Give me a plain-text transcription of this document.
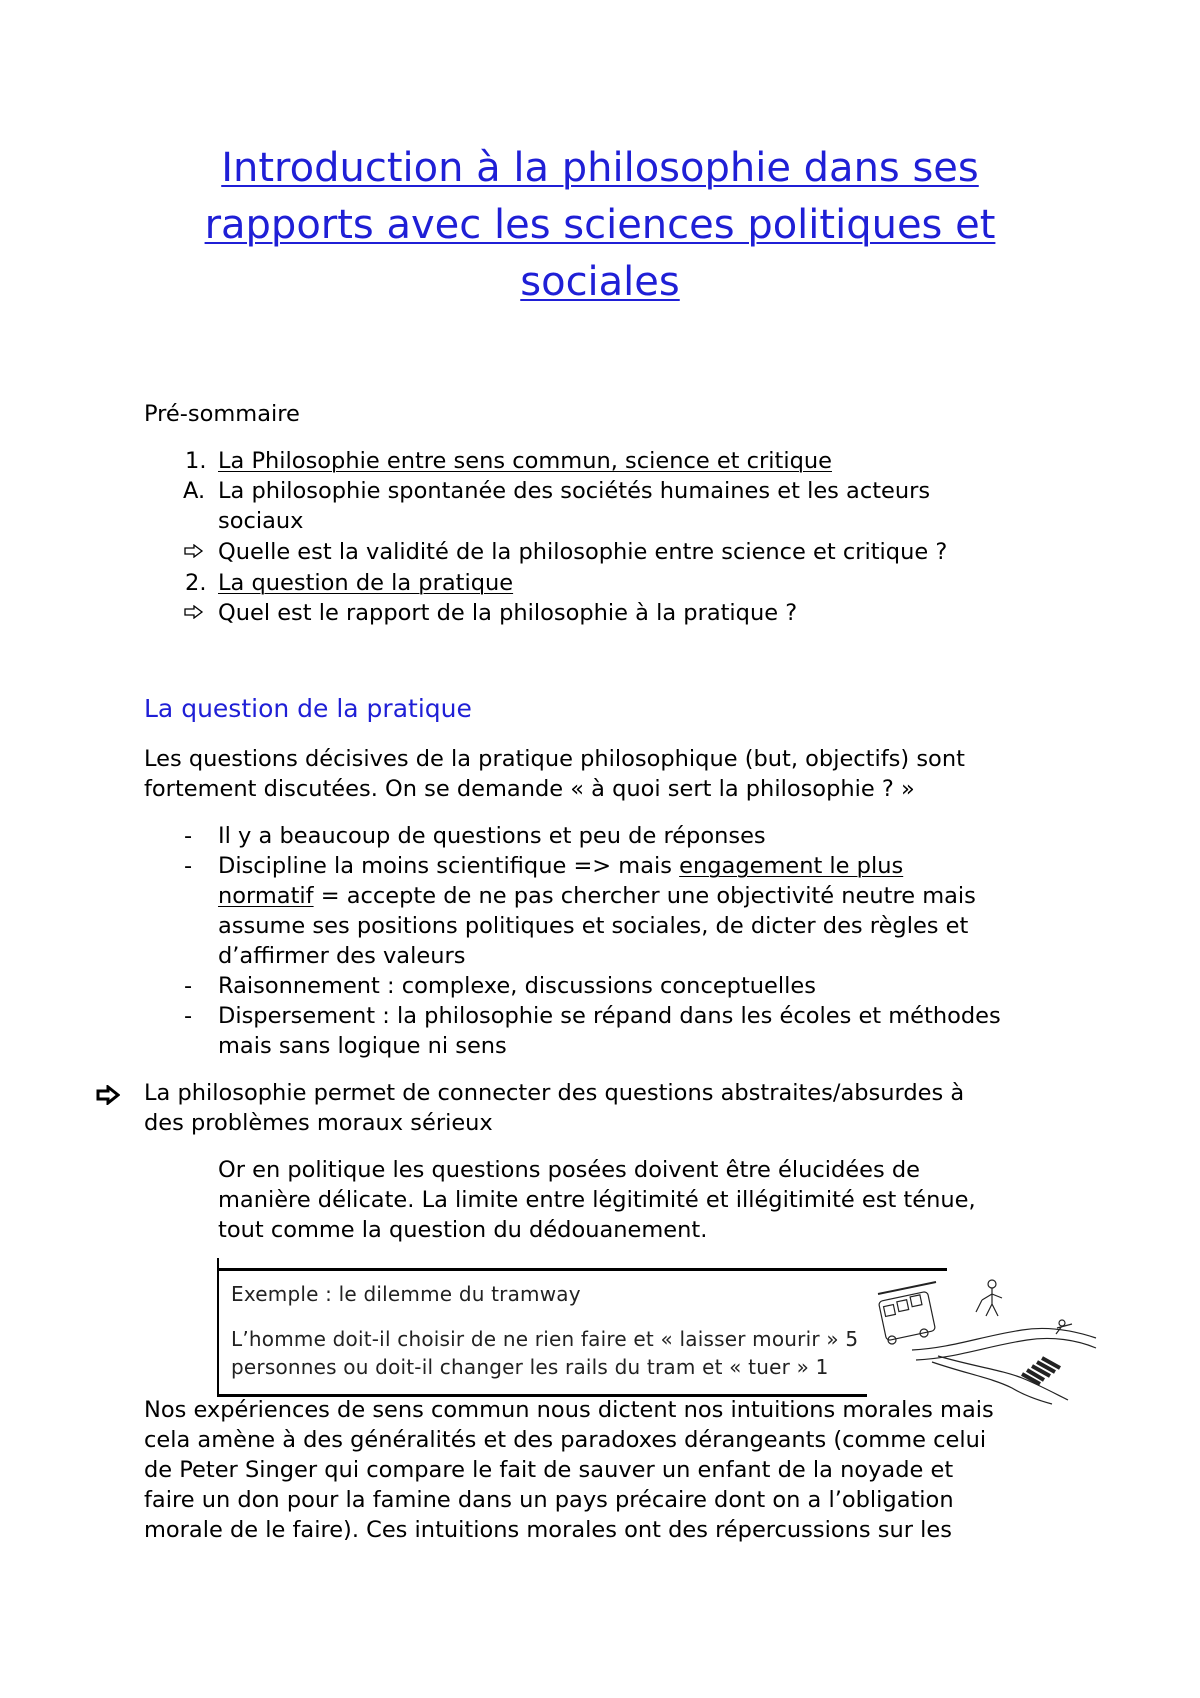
Introduction à la philosophie dans ses
rapports avec les sciences politiques et
sociales
Pré-sommaire
1. La Philosophie entre sens commun, science et critique
A. La philosophie spontanée des sociétés humaines et les acteurs
sociaux
Quelle est la validité de la philosophie entre science et critique ?
2. La question de la pratique
Quel est le rapport de la philosophie à la pratique ?
La question de la pratique
Les questions décisives de la pratique philosophique (but, objectifs) sont
fortement discutées. On se demande « à quoi sert la philosophie ? »
- Il y a beaucoup de questions et peu de réponses
- Discipline la moins scientifique => mais engagement le plus
normatif = accepte de ne pas chercher une objectivité neutre mais
assume ses positions politiques et sociales, de dicter des règles et
d’affirmer des valeurs
- Raisonnement : complexe, discussions conceptuelles
- Dispersement : la philosophie se répand dans les écoles et méthodes
mais sans logique ni sens
La philosophie permet de connecter des questions abstraites/absurdes à
des problèmes moraux sérieux
Or en politique les questions posées doivent être élucidées de
manière délicate. La limite entre légitimité et illégitimité est ténue,
tout comme la question du dédouanement.
Exemple : le dilemme du tramway
L’homme doit-il choisir de ne rien faire et « laisser mourir » 5
personnes ou doit-il changer les rails du tram et « tuer » 1
Nos expériences de sens commun nous dictent nos intuitions morales mais
cela amène à des généralités et des paradoxes dérangeants (comme celui
de Peter Singer qui compare le fait de sauver un enfant de la noyade et
faire un don pour la famine dans un pays précaire dont on a l’obligation
morale de le faire). Ces intuitions morales ont des répercussions sur les
